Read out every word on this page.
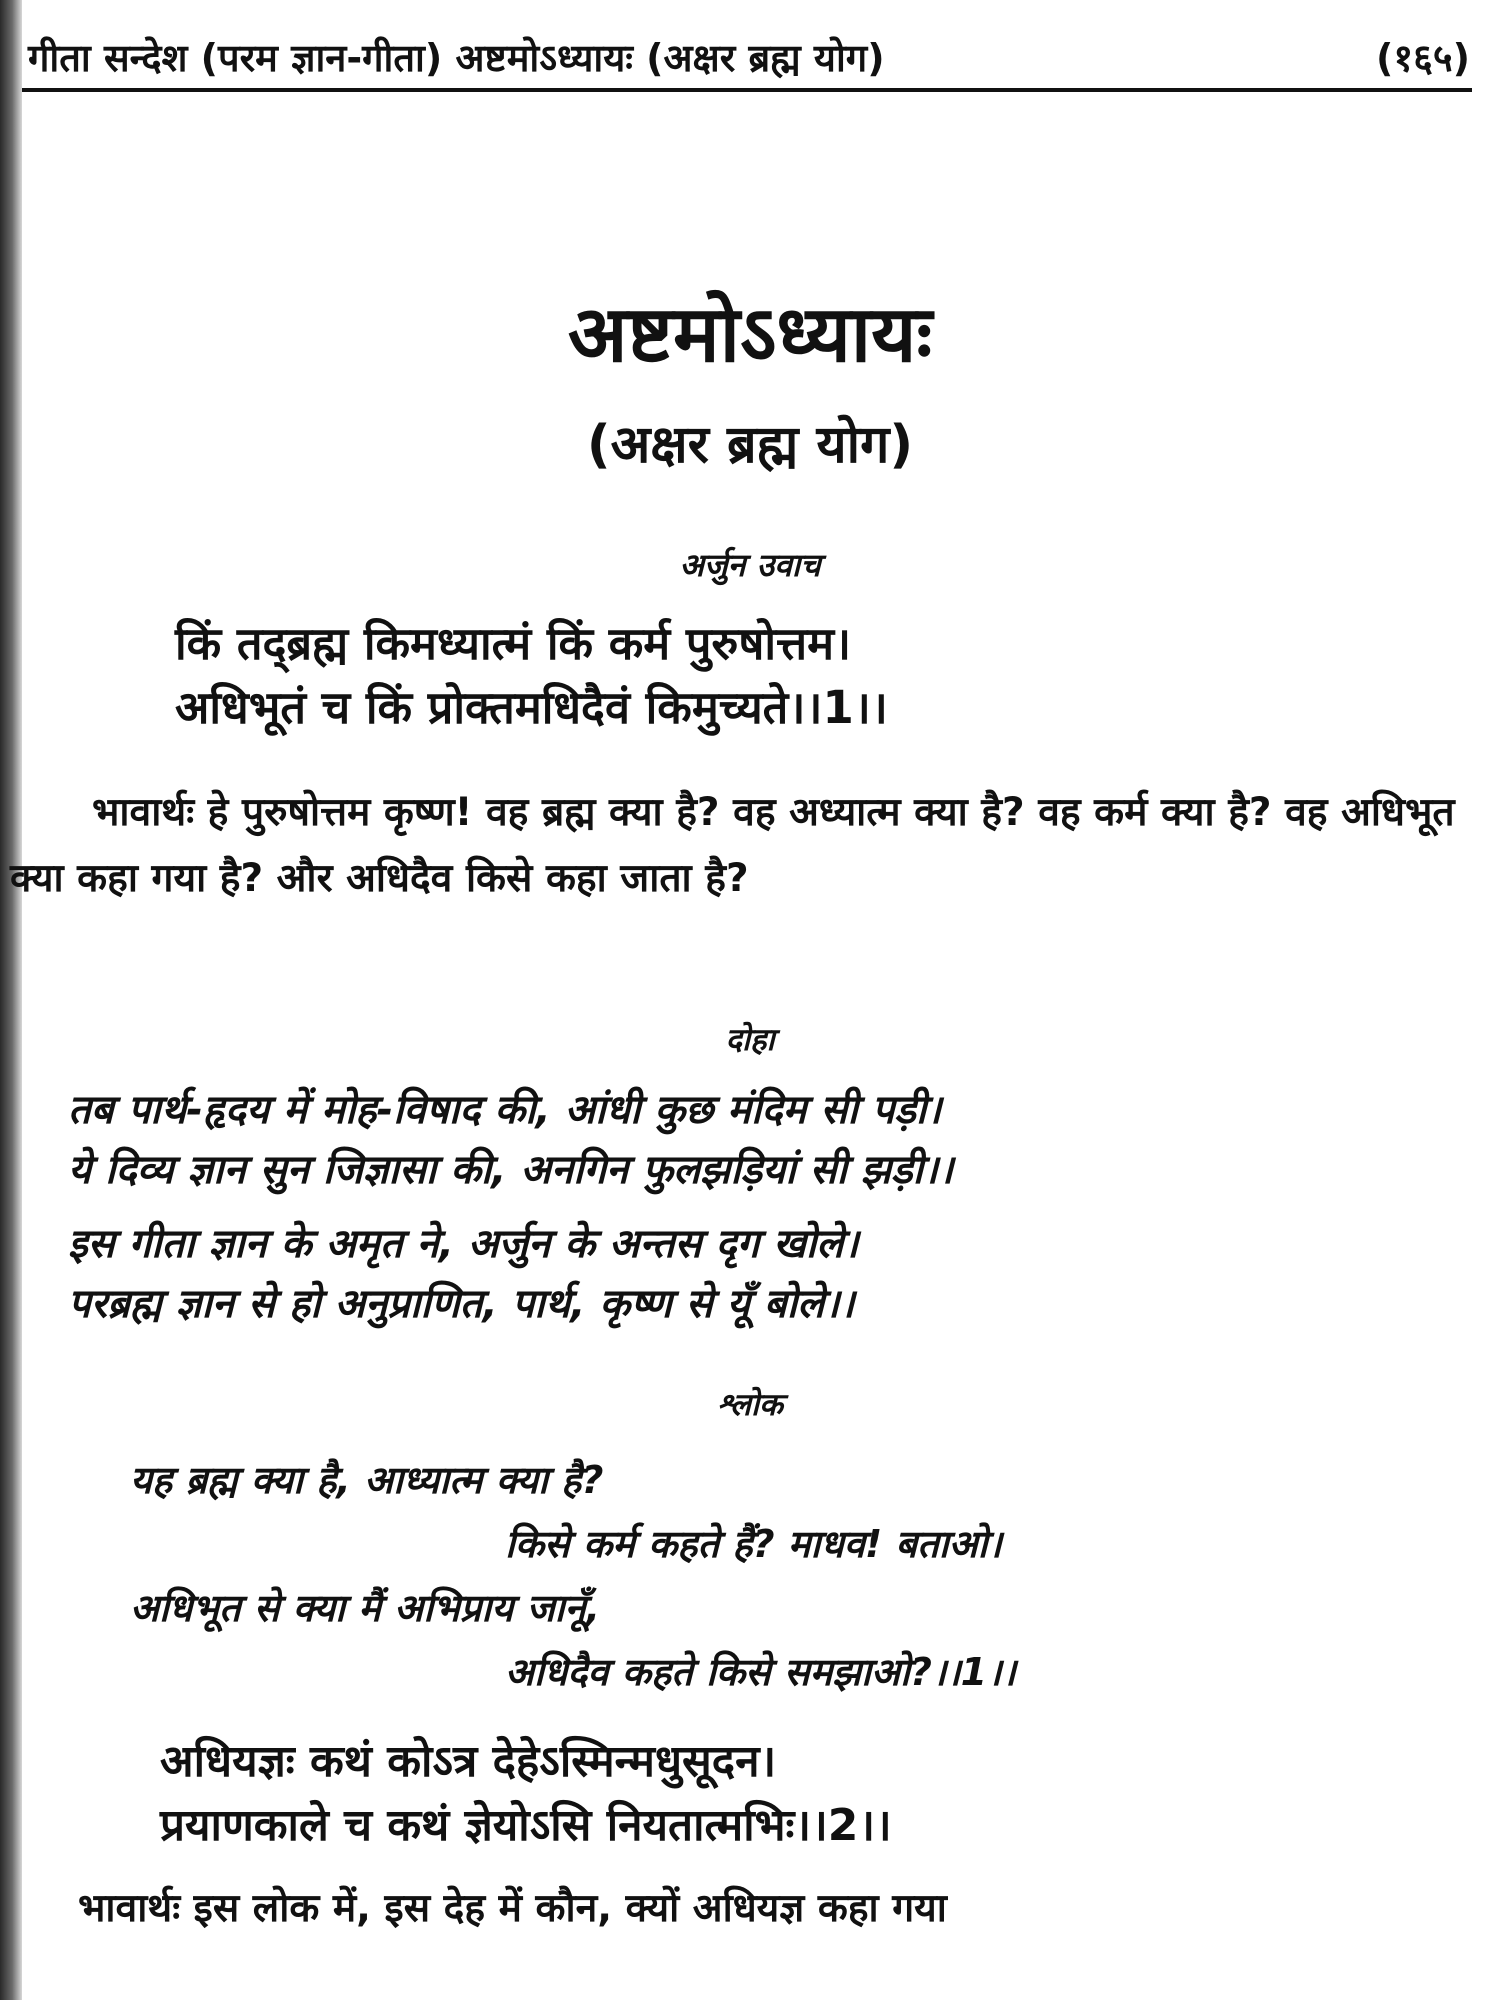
गीता सन्देश (परम ज्ञान-गीता) अष्टमोऽध्यायः (अक्षर ब्रह्म योग)	(१६५)
अष्टमोऽध्यायः
(अक्षर ब्रह्म योग)
अर्जुन उवाच
किं तद्ब्रह्म किमध्यात्मं किं कर्म पुरुषोत्तम।
अधिभूतं च किं प्रोक्तमधिदैवं किमुच्यते।।1।।
भावार्थः हे पुरुषोत्तम कृष्ण! वह ब्रह्म क्या है? वह अध्यात्म क्या है? वह कर्म क्या है? वह अधिभूत क्या कहा गया है? और अधिदैव किसे कहा जाता है?
दोहा
तब पार्थ-हृदय में मोह-विषाद की, आंधी कुछ मंदिम सी पड़ी।
ये दिव्य ज्ञान सुन जिज्ञासा की, अनगिन फुलझड़ियां सी झड़ी।।
इस गीता ज्ञान के अमृत ने, अर्जुन के अन्तस दृग खोले।
परब्रह्म ज्ञान से हो अनुप्राणित, पार्थ, कृष्ण से यूँ बोले।।
श्लोक
यह ब्रह्म क्या है, आध्यात्म क्या है?
किसे कर्म कहते हैं? माधव! बताओ।
अधिभूत से क्या मैं अभिप्राय जानूँ,
अधिदैव कहते किसे समझाओ?।।1।।
अधियज्ञः कथं कोऽत्र देहेऽस्मिन्मधुसूदन।
प्रयाणकाले च कथं ज्ञेयोऽसि नियतात्मभिः।।2।।
भावार्थः इस लोक में, इस देह में कौन, क्यों अधियज्ञ कहा गया
